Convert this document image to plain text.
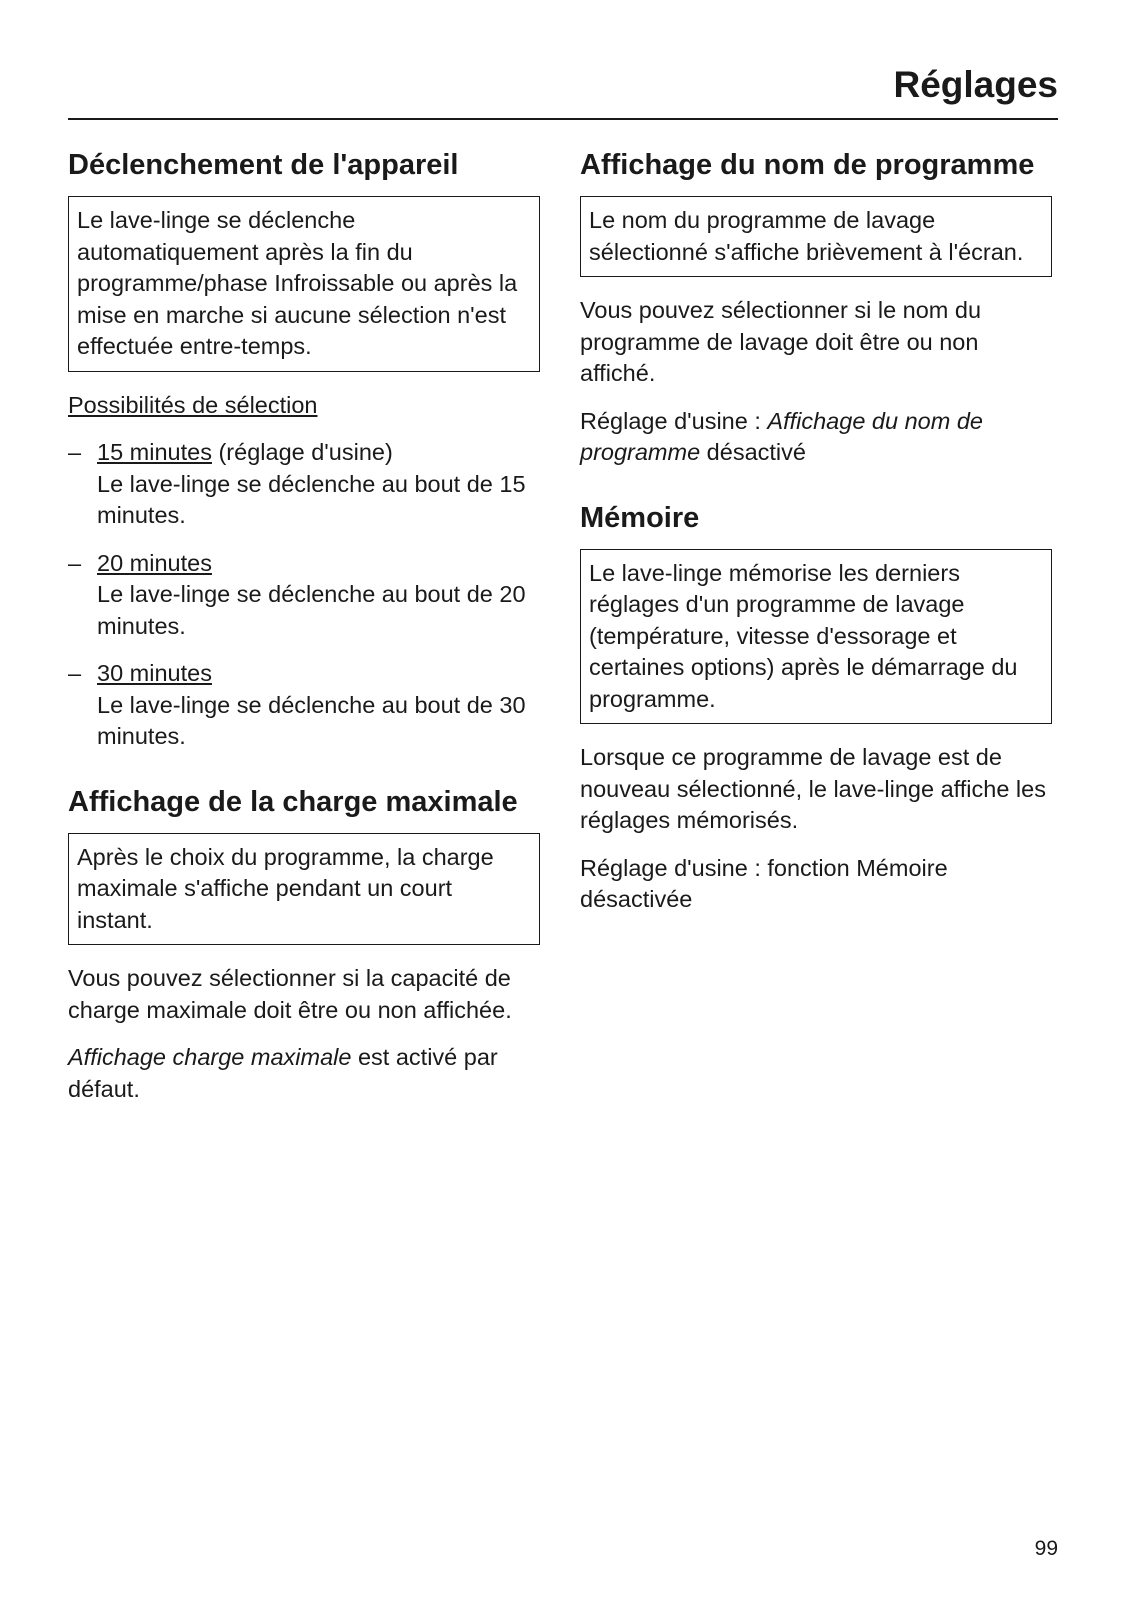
Réglages
Déclenchement de l'appareil
Le lave-linge se déclenche automatiquement après la fin du programme/phase Infroissable ou après la mise en marche si aucune sélection n'est effectuée entre-temps.

Possibilités de sélection

– 15 minutes (réglage d'usine)
Le lave-linge se déclenche au bout de 15 minutes.
– 20 minutes
Le lave-linge se déclenche au bout de 20 minutes.
– 30 minutes
Le lave-linge se déclenche au bout de 30 minutes.
Affichage de la charge maximale
Après le choix du programme, la charge maximale s'affiche pendant un court instant.

Vous pouvez sélectionner si la capacité de charge maximale doit être ou non affichée.

Affichage charge maximale est activé par défaut.

Affichage du nom de programme
Le nom du programme de lavage sélectionné s'affiche brièvement à l'écran.

Vous pouvez sélectionner si le nom du programme de lavage doit être ou non affiché.

Réglage d'usine : Affichage du nom de programme désactivé

Mémoire
Le lave-linge mémorise les derniers réglages d'un programme de lavage (température, vitesse d'essorage et certaines options) après le démarrage du programme.

Lorsque ce programme de lavage est de nouveau sélectionné, le lave-linge affiche les réglages mémorisés.

Réglage d'usine : fonction Mémoire désactivée

99
